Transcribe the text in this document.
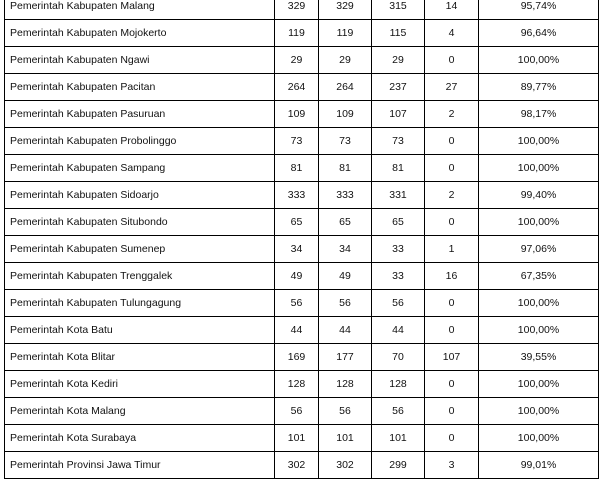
Pemerintah Kabupaten Malang	329	329	315	14	95,74%
Pemerintah Kabupaten Mojokerto	119	119	115	4	96,64%
Pemerintah Kabupaten Ngawi	29	29	29	0	100,00%
Pemerintah Kabupaten Pacitan	264	264	237	27	89,77%
Pemerintah Kabupaten Pasuruan	109	109	107	2	98,17%
Pemerintah Kabupaten Probolinggo	73	73	73	0	100,00%
Pemerintah Kabupaten Sampang	81	81	81	0	100,00%
Pemerintah Kabupaten Sidoarjo	333	333	331	2	99,40%
Pemerintah Kabupaten Situbondo	65	65	65	0	100,00%
Pemerintah Kabupaten Sumenep	34	34	33	1	97,06%
Pemerintah Kabupaten Trenggalek	49	49	33	16	67,35%
Pemerintah Kabupaten Tulungagung	56	56	56	0	100,00%
Pemerintah Kota Batu	44	44	44	0	100,00%
Pemerintah Kota Blitar	169	177	70	107	39,55%
Pemerintah Kota Kediri	128	128	128	0	100,00%
Pemerintah Kota Malang	56	56	56	0	100,00%
Pemerintah Kota Surabaya	101	101	101	0	100,00%
Pemerintah Provinsi Jawa Timur	302	302	299	3	99,01%
